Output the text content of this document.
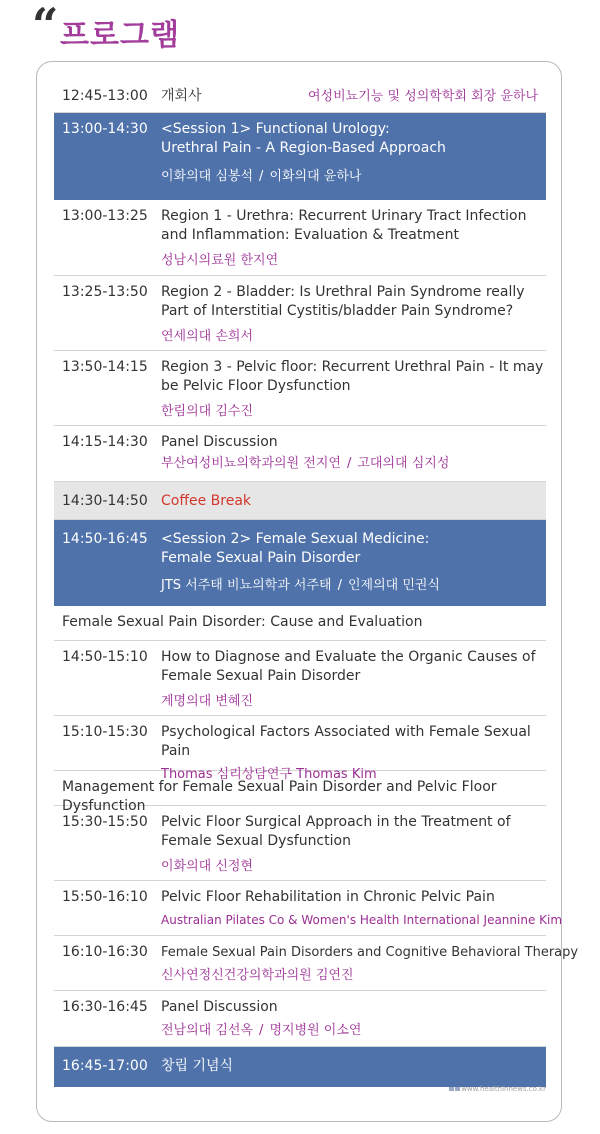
“ 프로그램
12:45-13:00 개회사	여성비뇨기능 및 성의학학회 회장 윤하나
13:00-14:30 <Session 1> Functional Urology:
Urethral Pain - A Region-Based Approach
이화의대 심봉석 / 이화의대 윤하나
13:00-13:25 Region 1 - Urethra: Recurrent Urinary Tract Infection and Inflammation: Evaluation & Treatment
성남시의료원 한지연
13:25-13:50 Region 2 - Bladder: Is Urethral Pain Syndrome really Part of Interstitial Cystitis/bladder Pain Syndrome?
연세의대 손희서
13:50-14:15 Region 3 - Pelvic floor: Recurrent Urethral Pain - It may be Pelvic Floor Dysfunction
한림의대 김수진
14:15-14:30 Panel Discussion
부산여성비뇨의학과의원 전지연 / 고대의대 심지성
14:30-14:50 Coffee Break
14:50-16:45 <Session 2> Female Sexual Medicine:
Female Sexual Pain Disorder
JTS 서주태 비뇨의학과 서주태 / 인제의대 민권식
Female Sexual Pain Disorder: Cause and Evaluation
14:50-15:10 How to Diagnose and Evaluate the Organic Causes of Female Sexual Pain Disorder
계명의대 변혜진
15:10-15:30 Psychological Factors Associated with Female Sexual Pain
Thomas 심리상담연구 Thomas Kim
Management for Female Sexual Pain Disorder and Pelvic Floor Dysfunction
15:30-15:50 Pelvic Floor Surgical Approach in the Treatment of Female Sexual Dysfunction
이화의대 신정현
15:50-16:10 Pelvic Floor Rehabilitation in Chronic Pelvic Pain
Australian Pilates Co & Women's Health International Jeannine Kim
16:10-16:30 Female Sexual Pain Disorders and Cognitive Behavioral Therapy
신사연정신건강의학과의원 김연진
16:30-16:45 Panel Discussion
전남의대 김선옥 / 명지병원 이소연
16:45-17:00 창립 기념식
www.healthinnews.co.kr
